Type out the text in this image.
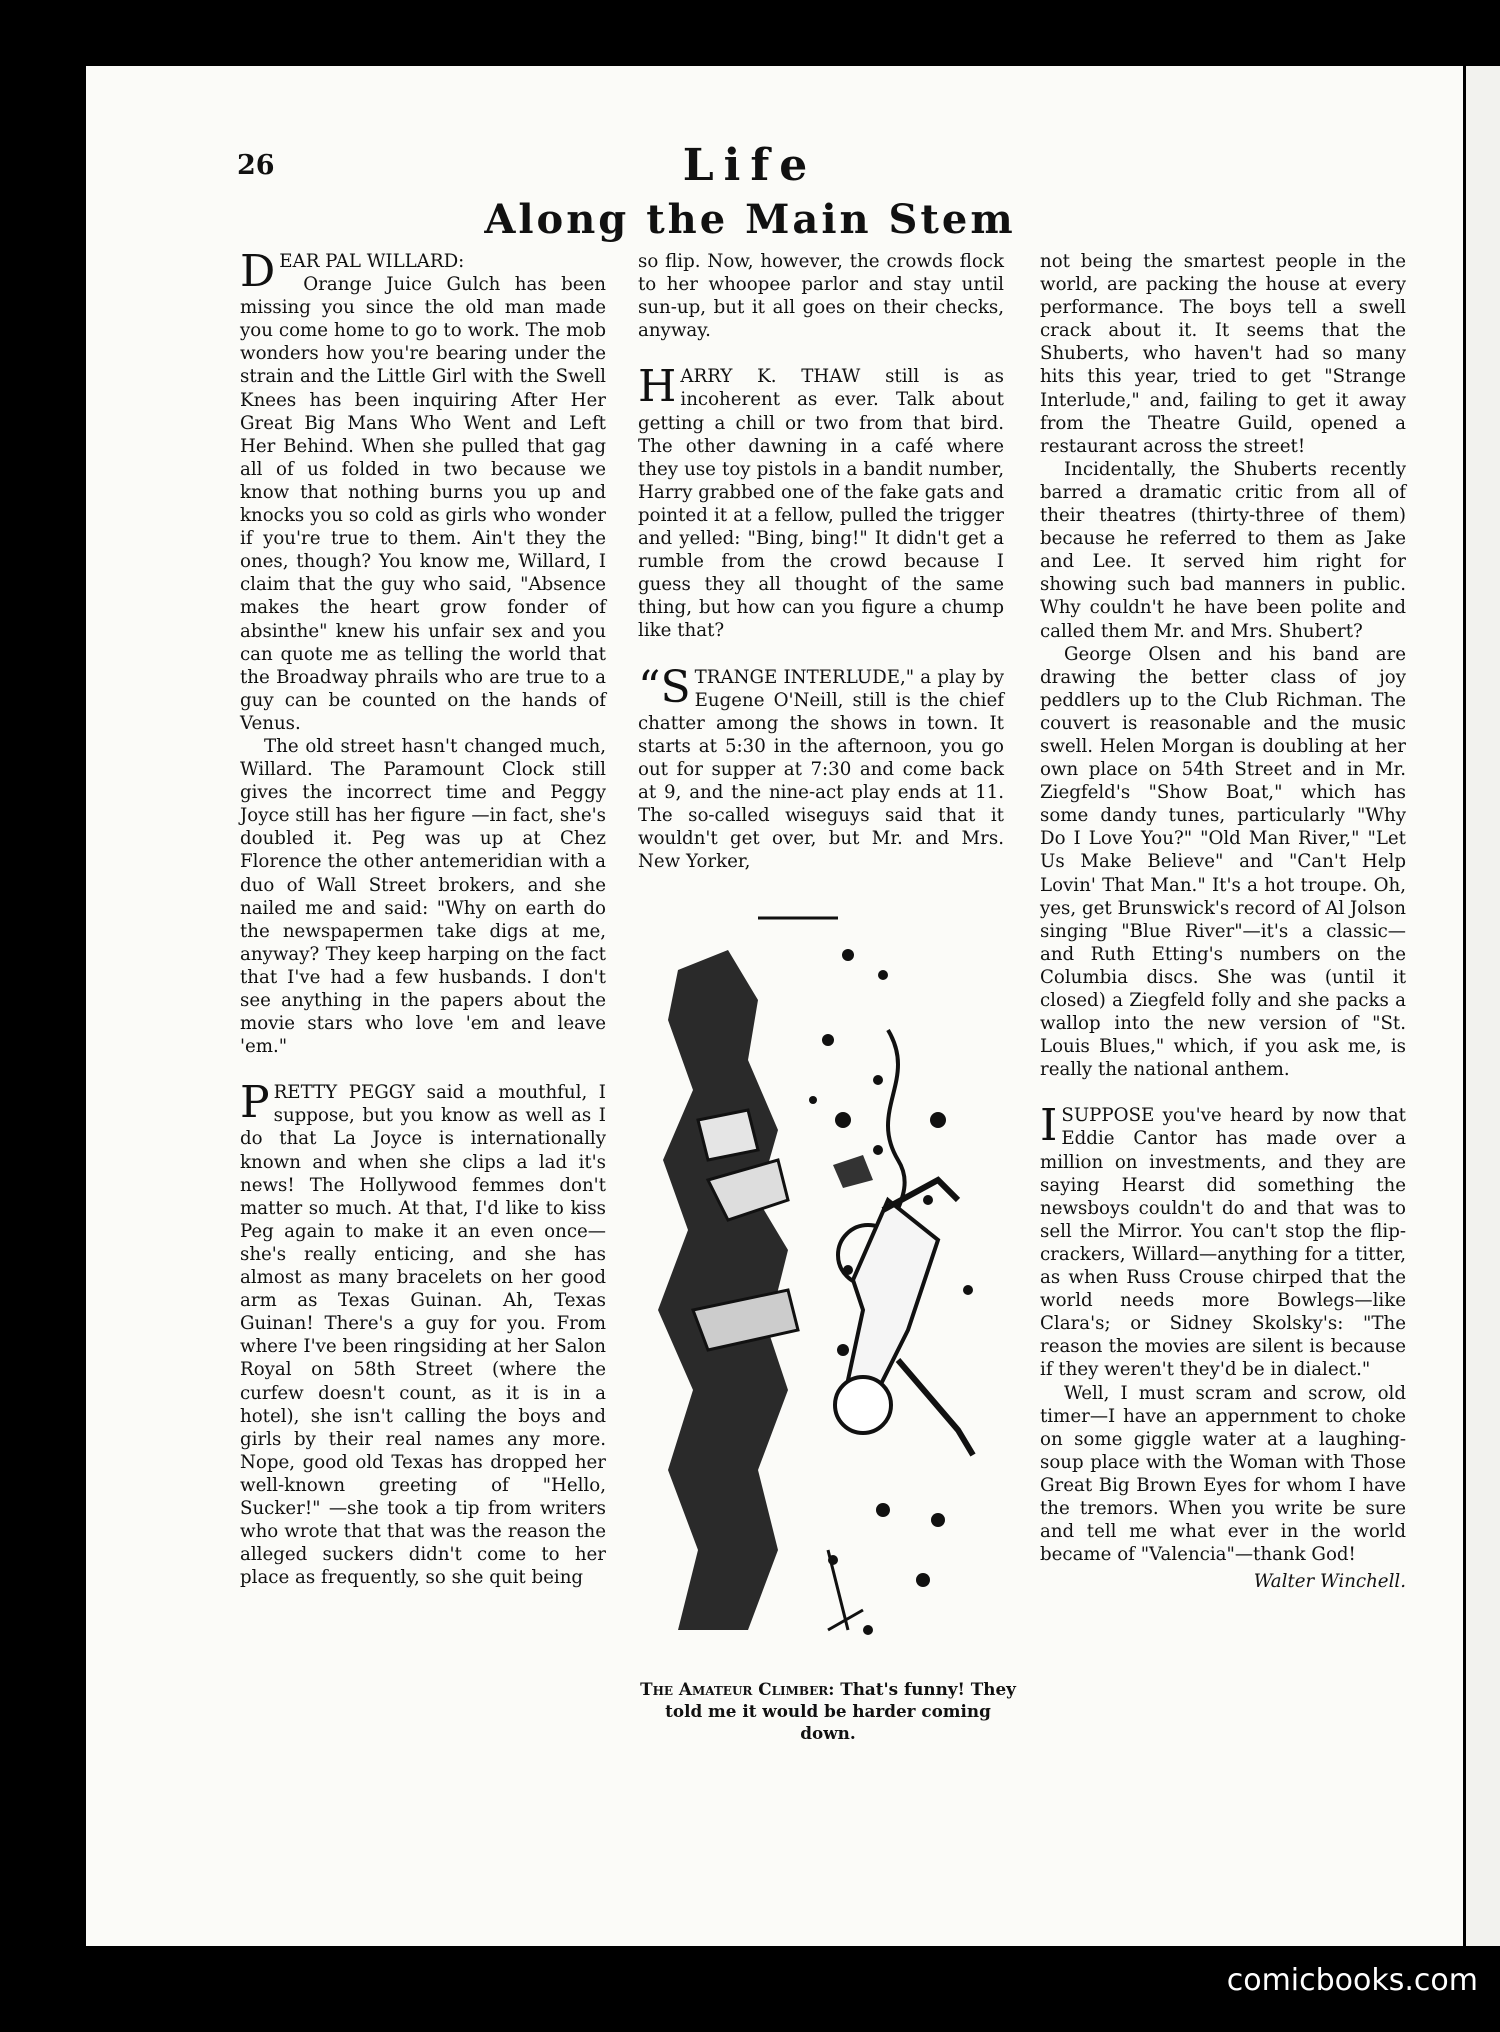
26	Life
Along the Main Stem

DEAR PAL WILLARD:

Orange Juice Gulch has been missing you since the old man made you come home to go to work. The mob wonders how you're bearing under the strain and the Little Girl with the Swell Knees has been inquiring After Her Great Big Mans Who Went and Left Her Behind. When she pulled that gag all of us folded in two because we know that nothing burns you up and knocks you so cold as girls who wonder if you're true to them. Ain't they the ones, though? You know me, Willard, I claim that the guy who said, "Absence makes the heart grow fonder of absinthe" knew his unfair sex and you can quote me as telling the world that the Broadway phrails who are true to a guy can be counted on the hands of Venus.

The old street hasn't changed much, Willard. The Paramount Clock still gives the incorrect time and Peggy Joyce still has her figure —in fact, she's doubled it. Peg was up at Chez Florence the other antemeridian with a duo of Wall Street brokers, and she nailed me and said: "Why on earth do the newspapermen take digs at me, anyway? They keep harping on the fact that I've had a few husbands. I don't see anything in the papers about the movie stars who love 'em and leave 'em."

PRETTY PEGGY said a mouthful, I suppose, but you know as well as I do that La Joyce is internationally known and when she clips a lad it's news! The Hollywood femmes don't matter so much. At that, I'd like to kiss Peg again to make it an even once—she's really enticing, and she has almost as many bracelets on her good arm as Texas Guinan. Ah, Texas Guinan! There's a guy for you. From where I've been ringsiding at her Salon Royal on 58th Street (where the curfew doesn't count, as it is in a hotel), she isn't calling the boys and girls by their real names any more. Nope, good old Texas has dropped her well-known greeting of "Hello, Sucker!" —she took a tip from writers who wrote that that was the reason the alleged suckers didn't come to her place as frequently, so she quit being

so flip. Now, however, the crowds flock to her whoopee parlor and stay until sun-up, but it all goes on their checks, anyway.

HARRY K. THAW still is as incoherent as ever. Talk about getting a chill or two from that bird. The other dawning in a café where they use toy pistols in a bandit number, Harry grabbed one of the fake gats and pointed it at a fellow, pulled the trigger and yelled: "Bing, bing!" It didn't get a rumble from the crowd because I guess they all thought of the same thing, but how can you figure a chump like that?

“STRANGE INTERLUDE," a play by Eugene O'Neill, still is the chief chatter among the shows in town. It starts at 5:30 in the afternoon, you go out for supper at 7:30 and come back at 9, and the nine-act play ends at 11. The so-called wiseguys said that it wouldn't get over, but Mr. and Mrs. New Yorker,

The Amateur Climber: That's funny! They told me it would be harder coming down.

not being the smartest people in the world, are packing the house at every performance. The boys tell a swell crack about it. It seems that the Shuberts, who haven't had so many hits this year, tried to get "Strange Interlude," and, failing to get it away from the Theatre Guild, opened a restaurant across the street!

Incidentally, the Shuberts recently barred a dramatic critic from all of their theatres (thirty-three of them) because he referred to them as Jake and Lee. It served him right for showing such bad manners in public. Why couldn't he have been polite and called them Mr. and Mrs. Shubert?

George Olsen and his band are drawing the better class of joy peddlers up to the Club Richman. The couvert is reasonable and the music swell. Helen Morgan is doubling at her own place on 54th Street and in Mr. Ziegfeld's "Show Boat," which has some dandy tunes, particularly "Why Do I Love You?" "Old Man River," "Let Us Make Believe" and "Can't Help Lovin' That Man." It's a hot troupe. Oh, yes, get Brunswick's record of Al Jolson singing "Blue River"—it's a classic—and Ruth Etting's numbers on the Columbia discs. She was (until it closed) a Ziegfeld folly and she packs a wallop into the new version of "St. Louis Blues," which, if you ask me, is really the national anthem.

ISUPPOSE you've heard by now that Eddie Cantor has made over a million on investments, and they are saying Hearst did something the newsboys couldn't do and that was to sell the Mirror. You can't stop the flip-crackers, Willard—anything for a titter, as when Russ Crouse chirped that the world needs more Bowlegs—like Clara's; or Sidney Skolsky's: "The reason the movies are silent is because if they weren't they'd be in dialect."

Well, I must scram and scrow, old timer—I have an appernment to choke on some giggle water at a laughing-soup place with the Woman with Those Great Big Brown Eyes for whom I have the tremors. When you write be sure and tell me what ever in the world became of "Valencia"—thank God!

Walter Winchell.

comicbooks.com
